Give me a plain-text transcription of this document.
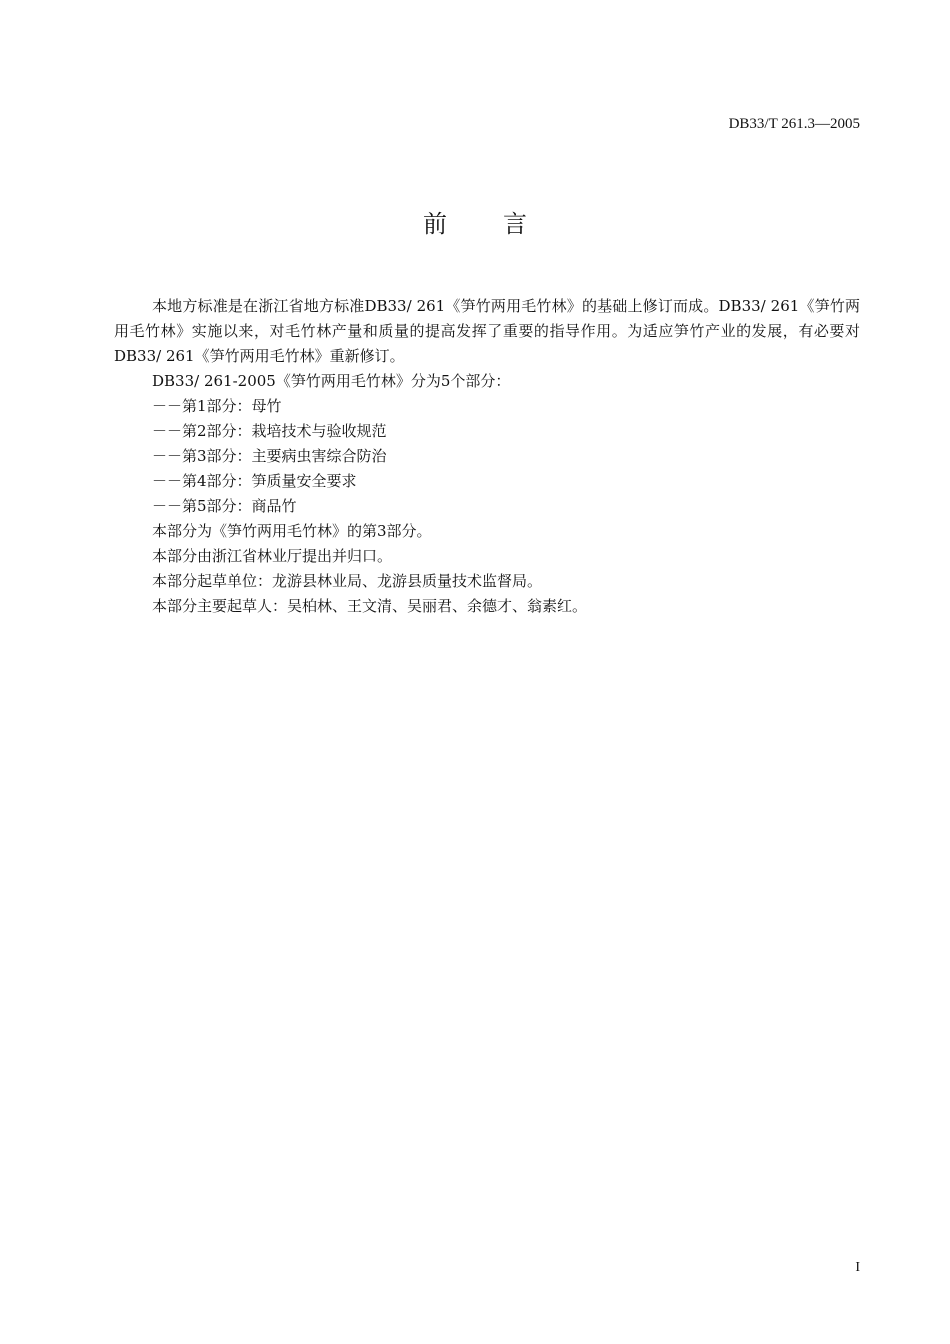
DB33/T 261.3—2005
前言

本地方标准是在浙江省地方标准DB33/ 261《笋竹两用毛竹林》的基础上修订而成。DB33/ 261《笋竹两用毛竹林》实施以来，对毛竹林产量和质量的提高发挥了重要的指导作用。为适应笋竹产业的发展，有必要对DB33/ 261《笋竹两用毛竹林》重新修订。

DB33/ 261-2005《笋竹两用毛竹林》分为5个部分：

－－第1部分：母竹
－－第2部分：栽培技术与验收规范
－－第3部分：主要病虫害综合防治
－－第4部分：笋质量安全要求
－－第5部分：商品竹

本部分为《笋竹两用毛竹林》的第3部分。

本部分由浙江省林业厅提出并归口。

本部分起草单位：龙游县林业局、龙游县质量技术监督局。

本部分主要起草人：吴柏林、王文清、吴丽君、余德才、翁素红。

I
